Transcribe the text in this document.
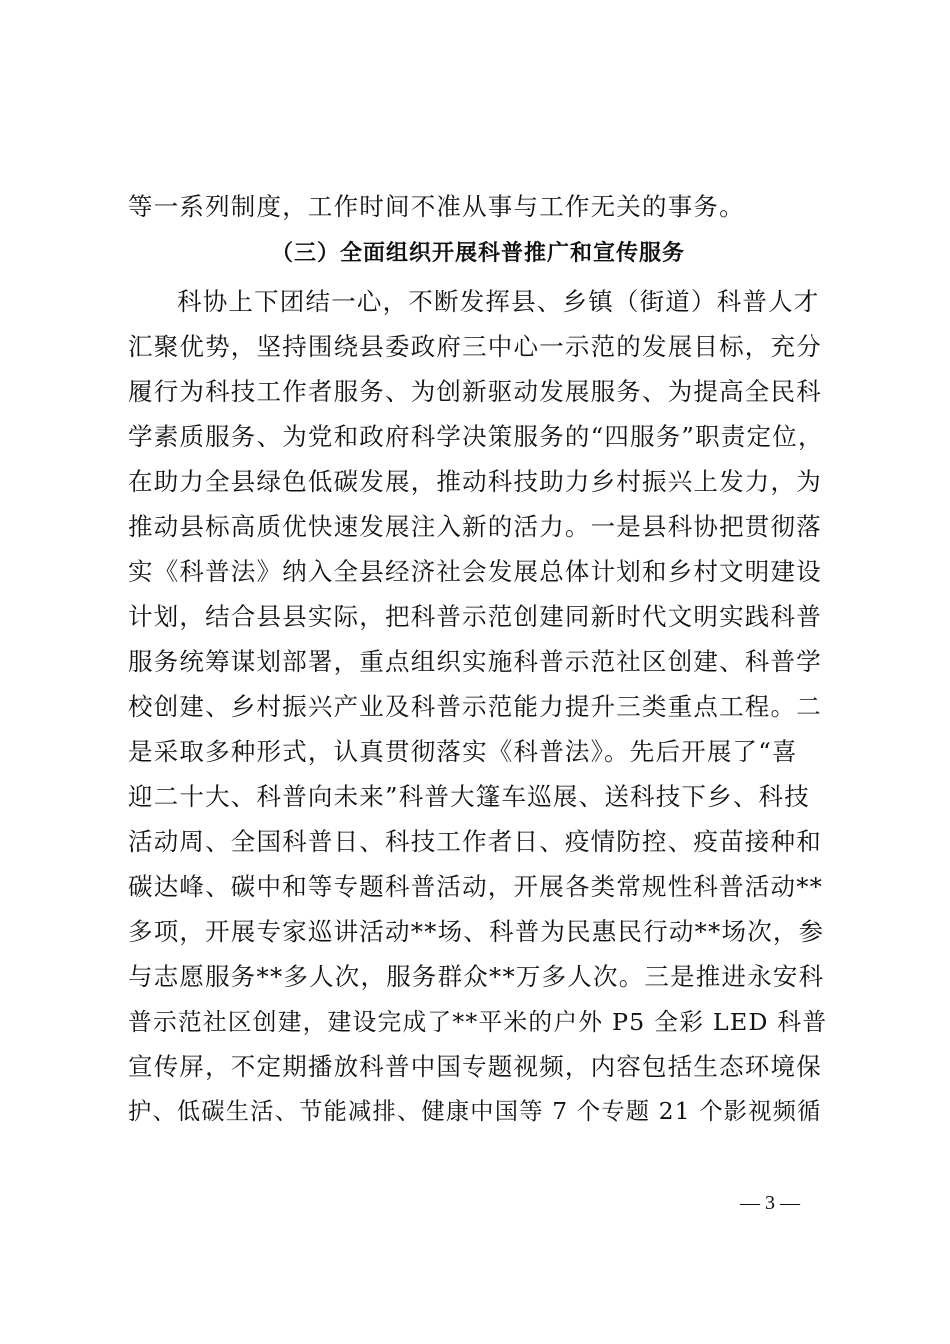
等一系列制度，工作时间不准从事与工作无关的事务。
（三）全面组织开展科普推广和宣传服务
科协上下团结一心，不断发挥县、乡镇（街道）科普人才
汇聚优势，坚持围绕县委政府三中心一示范的发展目标，充分
履行为科技工作者服务、为创新驱动发展服务、为提高全民科
学素质服务、为党和政府科学决策服务的“四服务”职责定位，
在助力全县绿色低碳发展，推动科技助力乡村振兴上发力，为
推动县标高质优快速发展注入新的活力。一是县科协把贯彻落
实《科普法》纳入全县经济社会发展总体计划和乡村文明建设
计划，结合县县实际，把科普示范创建同新时代文明实践科普
服务统筹谋划部署，重点组织实施科普示范社区创建、科普学
校创建、乡村振兴产业及科普示范能力提升三类重点工程。二
是采取多种形式，认真贯彻落实《科普法》。先后开展了“喜
迎二十大、科普向未来”科普大篷车巡展、送科技下乡、科技
活动周、全国科普日、科技工作者日、疫情防控、疫苗接种和
碳达峰、碳中和等专题科普活动，开展各类常规性科普活动**
多项，开展专家巡讲活动**场、科普为民惠民行动**场次，参
与志愿服务**多人次，服务群众**万多人次。三是推进永安科
普示范社区创建，建设完成了**平米的户外 P5 全彩 LED 科普
宣传屏，不定期播放科普中国专题视频，内容包括生态环境保
护、低碳生活、节能减排、健康中国等 7 个专题 21 个影视频循
— 3 —
